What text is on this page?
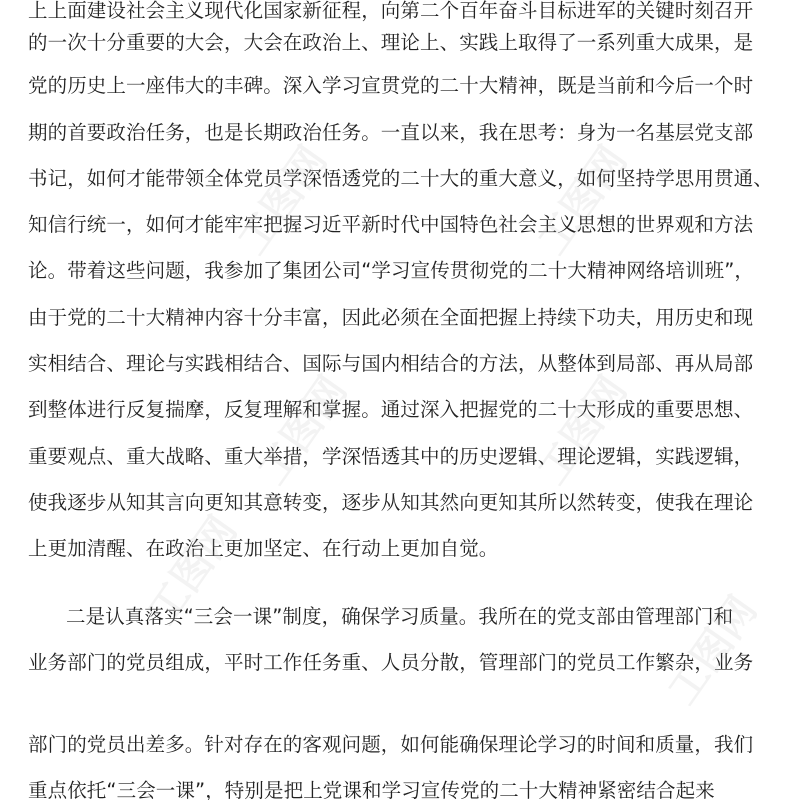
上上面建设社会主义现代化国家新征程，向第二个百年奋斗目标进军的关键时刻召开
的一次十分重要的大会，大会在政治上、理论上、实践上取得了一系列重大成果，是
党的历史上一座伟大的丰碑。深入学习宣贯党的二十大精神，既是当前和今后一个时
期的首要政治任务，也是长期政治任务。一直以来，我在思考：身为一名基层党支部
书记，如何才能带领全体党员学深悟透党的二十大的重大意义，如何坚持学思用贯通、
知信行统一，如何才能牢牢把握习近平新时代中国特色社会主义思想的世界观和方法
论。带着这些问题，我参加了集团公司“学习宣传贯彻党的二十大精神网络培训班”，
由于党的二十大精神内容十分丰富，因此必须在全面把握上持续下功夫，用历史和现
实相结合、理论与实践相结合、国际与国内相结合的方法，从整体到局部、再从局部
到整体进行反复揣摩，反复理解和掌握。通过深入把握党的二十大形成的重要思想、
重要观点、重大战略、重大举措，学深悟透其中的历史逻辑、理论逻辑，实践逻辑，
使我逐步从知其言向更知其意转变，逐步从知其然向更知其所以然转变，使我在理论
上更加清醒、在政治上更加坚定、在行动上更加自觉。
二是认真落实“三会一课”制度，确保学习质量。我所在的党支部由管理部门和
业务部门的党员组成，平时工作任务重、人员分散，管理部门的党员工作繁杂，业务
部门的党员出差多。针对存在的客观问题，如何能确保理论学习的时间和质量，我们
重点依托“三会一课”，特别是把上党课和学习宣传党的二十大精神紧密结合起来
工图网	工图网
工图网	工图网
工图网
工图网
